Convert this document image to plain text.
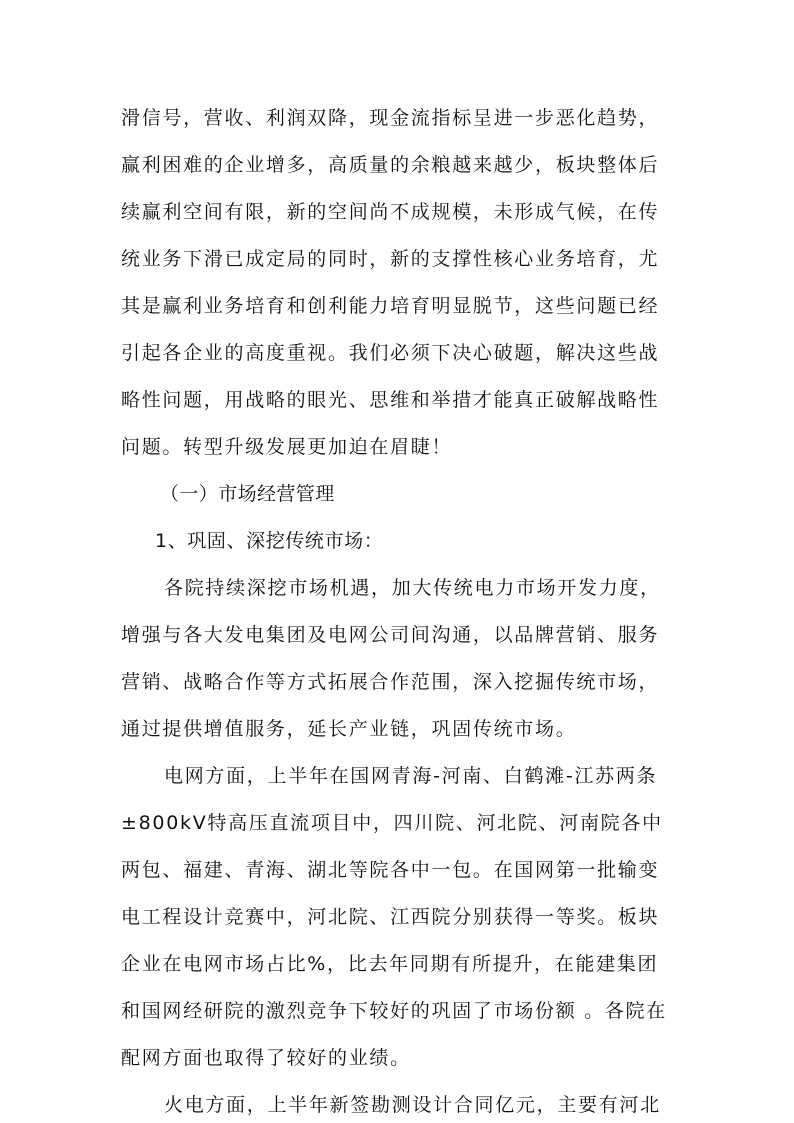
滑信号，营收、利润双降，现金流指标呈进一步恶化趋势，
赢利困难的企业增多，高质量的余粮越来越少，板块整体后
续赢利空间有限，新的空间尚不成规模，未形成气候，在传
统业务下滑已成定局的同时，新的支撑性核心业务培育，尤
其是赢利业务培育和创利能力培育明显脱节，这些问题已经
引起各企业的高度重视。我们必须下决心破题，解决这些战
略性问题，用战略的眼光、思维和举措才能真正破解战略性
问题。转型升级发展更加迫在眉睫！
（一）市场经营管理
1、巩固、深挖传统市场：
各院持续深挖市场机遇，加大传统电力市场开发力度，
增强与各大发电集团及电网公司间沟通，以品牌营销、服务
营销、战略合作等方式拓展合作范围，深入挖掘传统市场，
通过提供增值服务，延长产业链，巩固传统市场。
电网方面，上半年在国网青海-河南、白鹤滩-江苏两条
±800kV特高压直流项目中，四川院、河北院、河南院各中
两包、福建、青海、湖北等院各中一包。在国网第一批输变
电工程设计竞赛中，河北院、江西院分别获得一等奖。板块
企业在电网市场占比%，比去年同期有所提升，在能建集团
和国网经研院的激烈竞争下较好的巩固了市场份额 。各院在
配网方面也取得了较好的业绩。
火电方面，上半年新签勘测设计合同亿元，主要有河北
